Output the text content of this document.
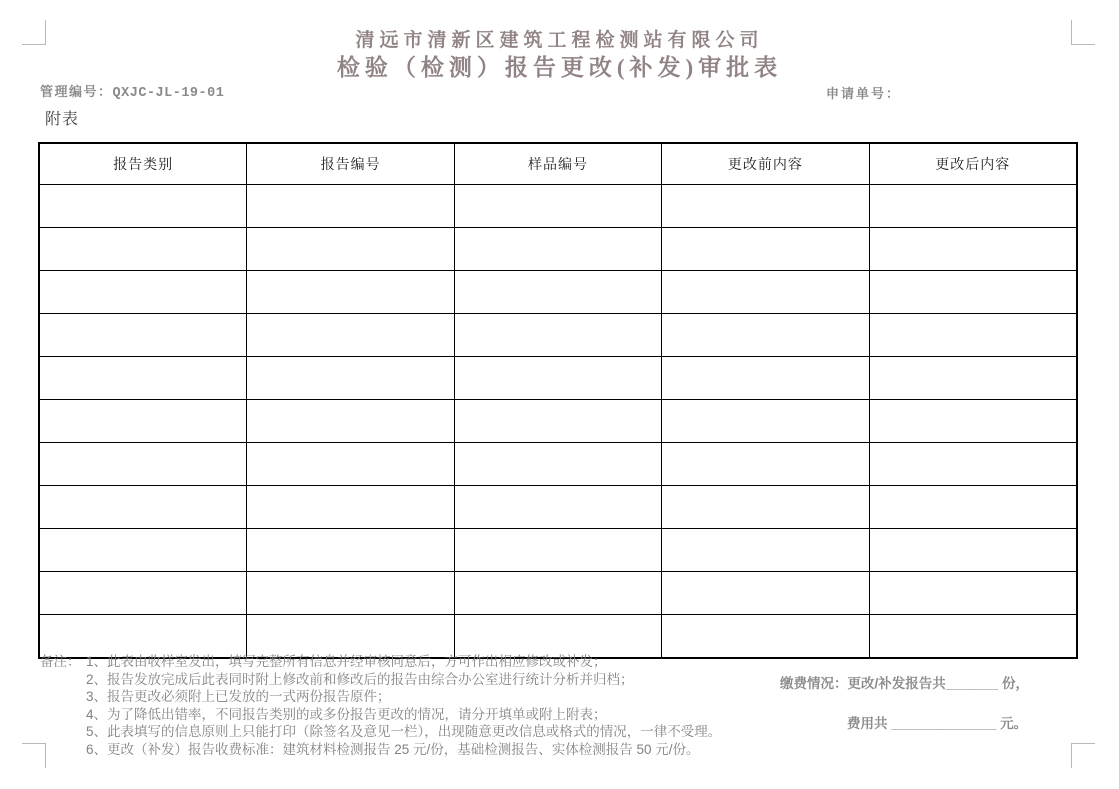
清远市清新区建筑工程检测站有限公司
检验（检测）报告更改(补发)审批表
管理编号：QXJC-JL-19-01	申请单号：
附表
报告类别	报告编号	样品编号	更改前内容	更改后内容

备注： 1、此表由收样室发出，填写完整所有信息并经审核同意后，方可作出相应修改或补发；
2、报告发放完成后此表同时附上修改前和修改后的报告由综合办公室进行统计分析并归档；
3、报告更改必须附上已发放的一式两份报告原件；
4、为了降低出错率，不同报告类别的或多份报告更改的情况，请分开填单或附上附表；
5、此表填写的信息原则上只能打印（除签名及意见一栏），出现随意更改信息或格式的情况，一律不受理。
6、更改（补发）报告收费标准：建筑材料检测报告 25 元/份，基础检测报告、实体检测报告 50 元/份。
缴费情况：更改/补发报告共_______ 份，
费用共 ______________ 元。
